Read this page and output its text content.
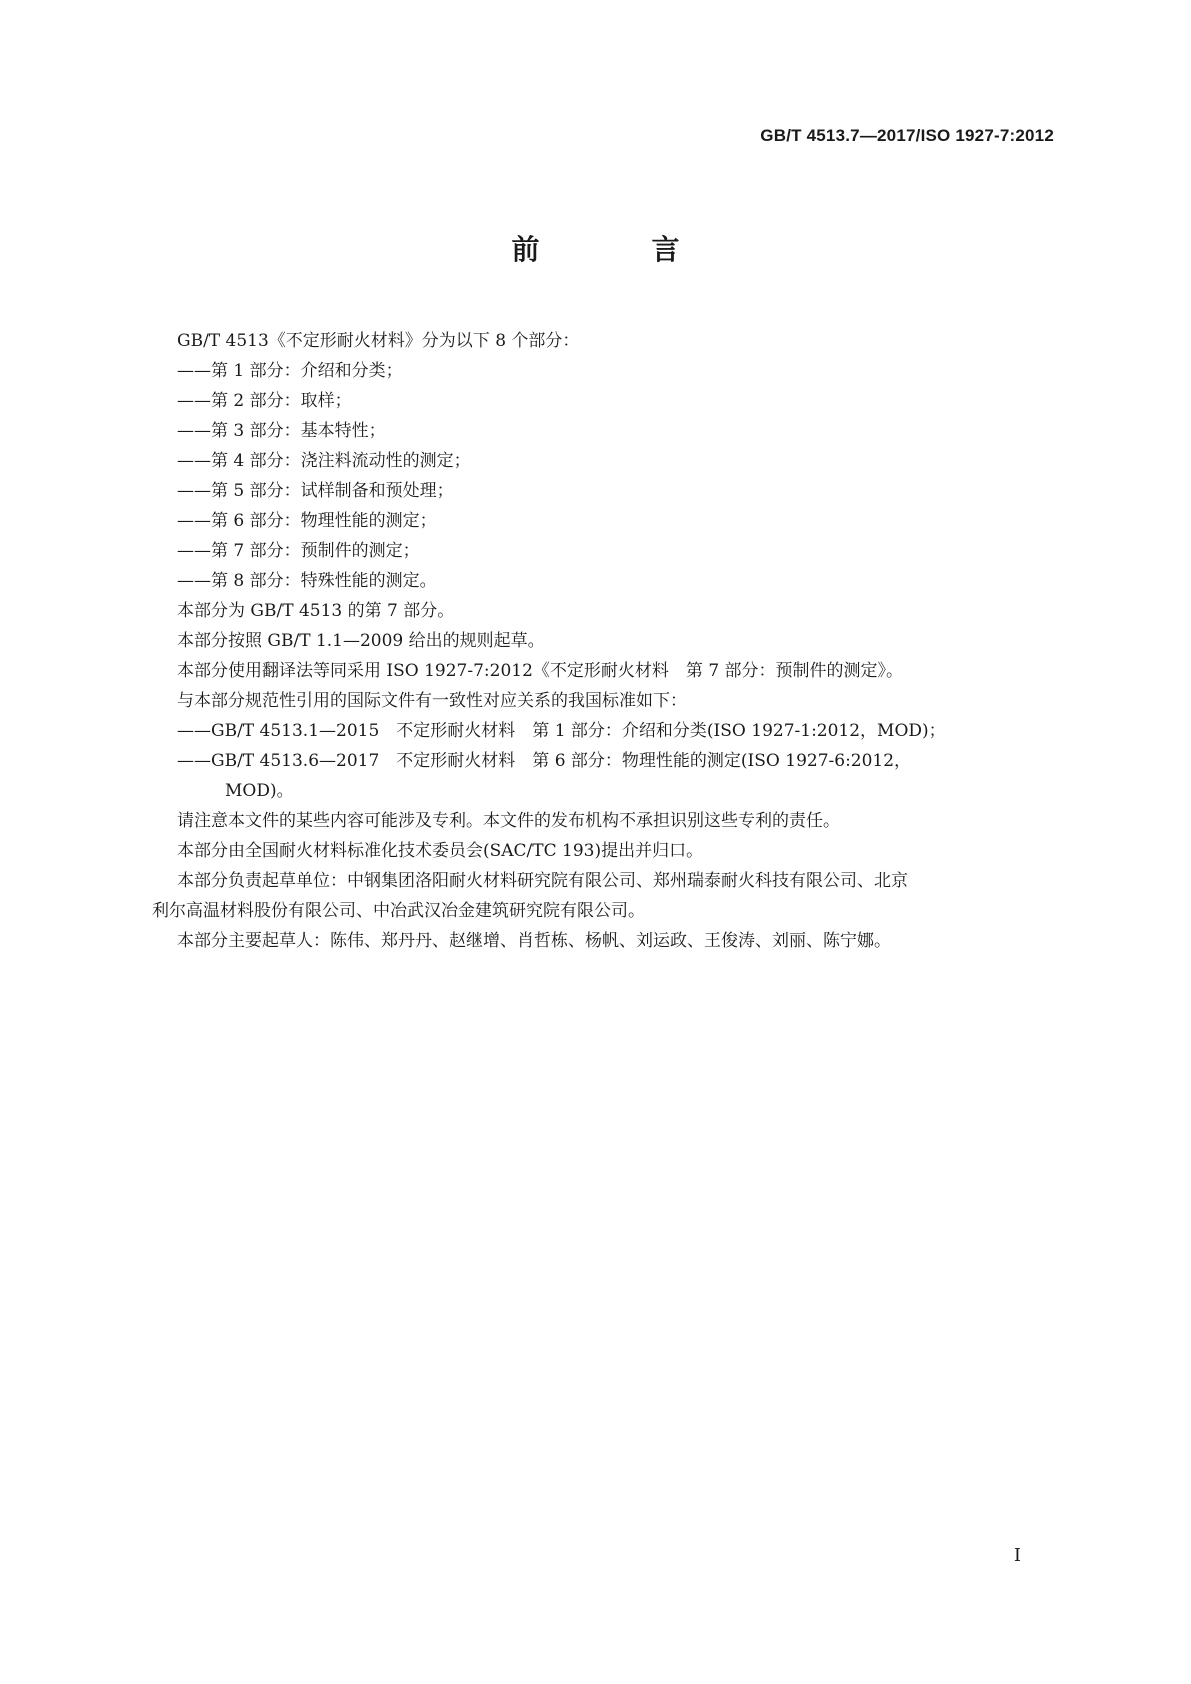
GB/T 4513.7—2017/ISO 1927-7:2012
前　言
GB/T 4513《不定形耐火材料》分为以下 8 个部分：
——第 1 部分：介绍和分类；
——第 2 部分：取样；
——第 3 部分：基本特性；
——第 4 部分：浇注料流动性的测定；
——第 5 部分：试样制备和预处理；
——第 6 部分：物理性能的测定；
——第 7 部分：预制件的测定；
——第 8 部分：特殊性能的测定。
本部分为 GB/T 4513 的第 7 部分。
本部分按照 GB/T 1.1—2009 给出的规则起草。
本部分使用翻译法等同采用 ISO 1927-7:2012《不定形耐火材料　第 7 部分：预制件的测定》。
与本部分规范性引用的国际文件有一致性对应关系的我国标准如下：
——GB/T 4513.1—2015　不定形耐火材料　第 1 部分：介绍和分类(ISO 1927-1:2012，MOD)；
——GB/T 4513.6—2017　不定形耐火材料　第 6 部分：物理性能的测定(ISO 1927-6:2012，
MOD)。
请注意本文件的某些内容可能涉及专利。本文件的发布机构不承担识别这些专利的责任。
本部分由全国耐火材料标准化技术委员会(SAC/TC 193)提出并归口。
本部分负责起草单位：中钢集团洛阳耐火材料研究院有限公司、郑州瑞泰耐火科技有限公司、北京
利尔高温材料股份有限公司、中冶武汉冶金建筑研究院有限公司。
本部分主要起草人：陈伟、郑丹丹、赵继增、肖哲栋、杨帆、刘运政、王俊涛、刘丽、陈宁娜。
I
